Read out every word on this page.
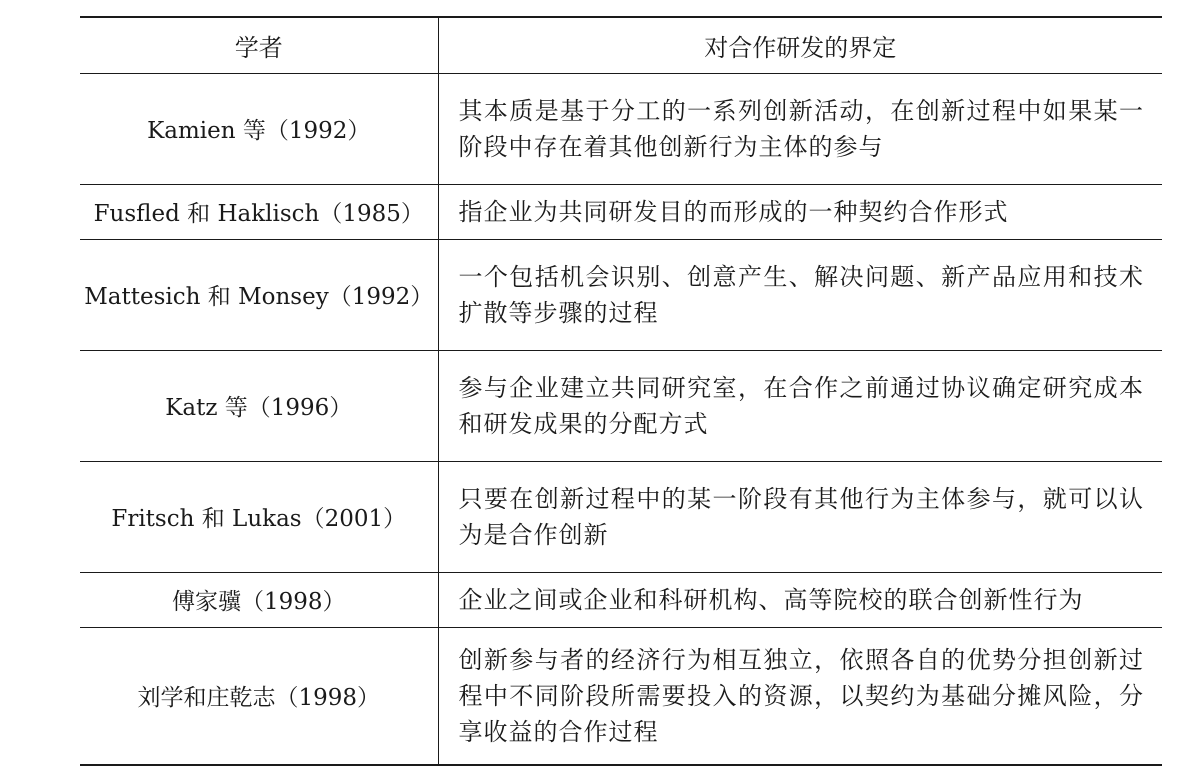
学者	对合作研发的界定
Kamien 等（1992）	其本质是基于分工的一系列创新活动，在创新过程中如果某一阶段中存在着其他创新行为主体的参与
Fusfled 和 Haklisch（1985）	指企业为共同研发目的而形成的一种契约合作形式
Mattesich 和 Monsey（1992）	一个包括机会识别、创意产生、解决问题、新产品应用和技术扩散等步骤的过程
Katz 等（1996）	参与企业建立共同研究室，在合作之前通过协议确定研究成本和研发成果的分配方式
Fritsch 和 Lukas（2001）	只要在创新过程中的某一阶段有其他行为主体参与，就可以认为是合作创新
傅家骥（1998）	企业之间或企业和科研机构、高等院校的联合创新性行为
刘学和庄乾志（1998）	创新参与者的经济行为相互独立，依照各自的优势分担创新过程中不同阶段所需要投入的资源，以契约为基础分摊风险，分享收益的合作过程
